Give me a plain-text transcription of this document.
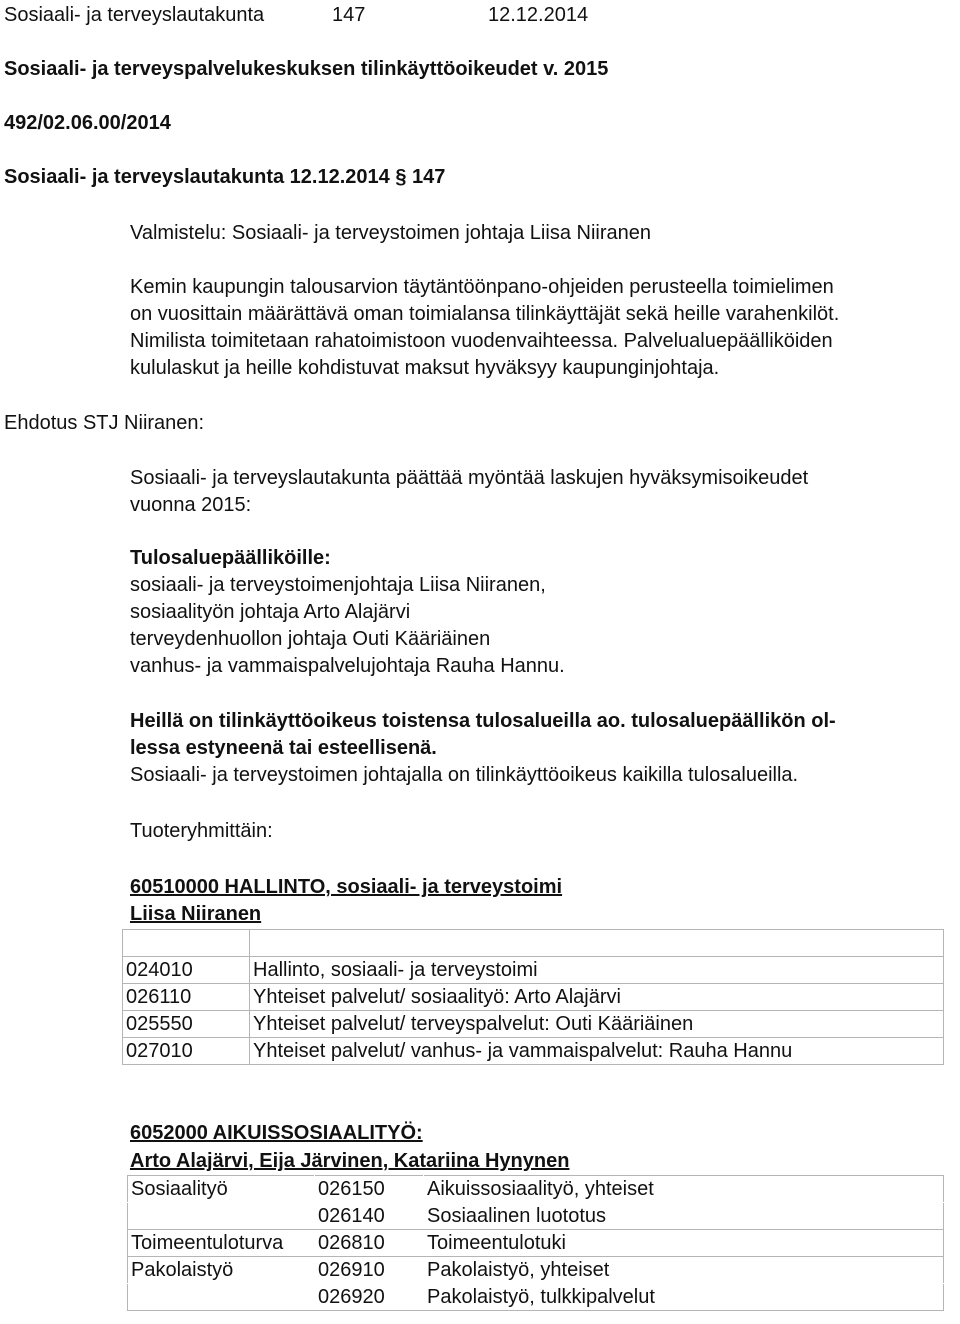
Sosiaali- ja terveyslautakunta	147	12.12.2014
Sosiaali- ja terveyspalvelukeskuksen tilinkäyttöoikeudet v. 2015
492/02.06.00/2014
Sosiaali- ja terveyslautakunta 12.12.2014 § 147
Valmistelu: Sosiaali- ja terveystoimen johtaja Liisa Niiranen

Kemin kaupungin talousarvion täytäntöönpano-ohjeiden perusteella toimielimen

on vuosittain määrättävä oman toimialansa tilinkäyttäjät sekä heille varahenkilöt.

Nimilista toimitetaan rahatoimistoon vuodenvaihteessa. Palvelualuepäälliköiden

kululaskut ja heille kohdistuvat maksut hyväksyy kaupunginjohtaja.

Ehdotus STJ Niiranen:

Sosiaali- ja terveyslautakunta päättää myöntää laskujen hyväksymisoikeudet

vuonna 2015:

Tulosaluepäälliköille:

sosiaali- ja terveystoimenjohtaja Liisa Niiranen,

sosiaalityön johtaja Arto Alajärvi

terveydenhuollon johtaja Outi Kääriäinen

vanhus- ja vammaispalvelujohtaja Rauha Hannu.

Heillä on tilinkäyttöoikeus toistensa tulosalueilla ao. tulosaluepäällikön ol-

lessa estyneenä tai esteellisenä.

Sosiaali- ja terveystoimen johtajalla on tilinkäyttöoikeus kaikilla tulosalueilla.

Tuoteryhmittäin:
60510000 HALLINTO, sosiaali- ja terveystoimi
Liisa Niiranen

024010	Hallinto, sosiaali- ja terveystoimi
026110	Yhteiset palvelut/ sosiaalityö: Arto Alajärvi
025550	Yhteiset palvelut/ terveyspalvelut: Outi Kääriäinen
027010	Yhteiset palvelut/ vanhus- ja vammaispalvelut: Rauha Hannu
6052000 AIKUISSOSIAALITYÖ:
Arto Alajärvi, Eija Järvinen, Katariina Hynynen
Sosiaalityö	026150	Aikuissosiaalityö, yhteiset
	026140	Sosiaalinen luototus
Toimeentuloturva	026810	Toimeentulotuki
Pakolaistyö	026910	Pakolaistyö, yhteiset
	026920	Pakolaistyö, tulkkipalvelut
